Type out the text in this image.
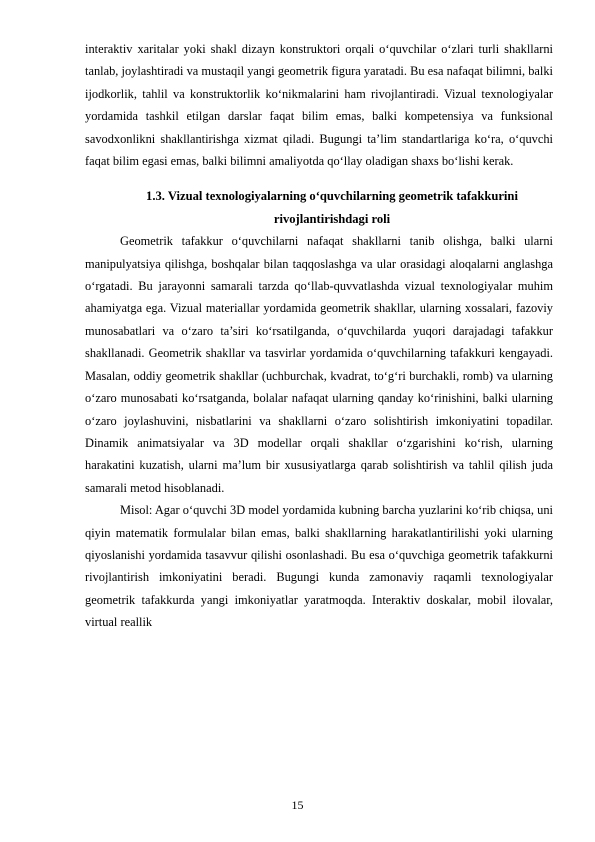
interaktiv xaritalar yoki shakl dizayn konstruktori orqali o‘quvchilar o‘zlari turli shakllarni tanlab, joylashtiradi va mustaqil yangi geometrik figura yaratadi. Bu esa nafaqat bilimni, balki ijodkorlik, tahlil va konstruktorlik ko‘nikmalarini ham rivojlantiradi. Vizual texnologiyalar yordamida tashkil etilgan darslar faqat bilim emas, balki kompetensiya va funksional savodxonlikni shakllantirishga xizmat qiladi. Bugungi ta’lim standartlariga ko‘ra, o‘quvchi faqat bilim egasi emas, balki bilimni amaliyotda qo‘llay oladigan shaxs bo‘lishi kerak.

1.3. Vizual texnologiyalarning o‘quvchilarning geometrik tafakkurini rivojlantirishdagi roli

Geometrik tafakkur o‘quvchilarni nafaqat shakllarni tanib olishga, balki ularni manipulyatsiya qilishga, boshqalar bilan taqqoslashga va ular orasidagi aloqalarni anglashga o‘rgatadi. Bu jarayonni samarali tarzda qo‘llab-quvvatlashda vizual texnologiyalar muhim ahamiyatga ega. Vizual materiallar yordamida geometrik shakllar, ularning xossalari, fazoviy munosabatlari va o‘zaro ta’siri ko‘rsatilganda, o‘quvchilarda yuqori darajadagi tafakkur shakllanadi. Geometrik shakllar va tasvirlar yordamida o‘quvchilarning tafakkuri kengayadi. Masalan, oddiy geometrik shakllar (uchburchak, kvadrat, to‘g‘ri burchakli, romb) va ularning o‘zaro munosabati ko‘rsatganda, bolalar nafaqat ularning qanday ko‘rinishini, balki ularning o‘zaro joylashuvini, nisbatlarini va shakllarni o‘zaro solishtirish imkoniyatini topadilar. Dinamik animatsiyalar va 3D modellar orqali shakllar o‘zgarishini ko‘rish, ularning harakatini kuzatish, ularni ma’lum bir xususiyatlarga qarab solishtirish va tahlil qilish juda samarali metod hisoblanadi.

Misol: Agar o‘quvchi 3D model yordamida kubning barcha yuzlarini ko‘rib chiqsa, uni qiyin matematik formulalar bilan emas, balki shakllarning harakatlantirilishi yoki ularning qiyoslanishi yordamida tasavvur qilishi osonlashadi. Bu esa o‘quvchiga geometrik tafakkurni rivojlantirish imkoniyatini beradi. Bugungi kunda zamonaviy raqamli texnologiyalar geometrik tafakkurda yangi imkoniyatlar yaratmoqda. Interaktiv doskalar, mobil ilovalar, virtual reallik

15
